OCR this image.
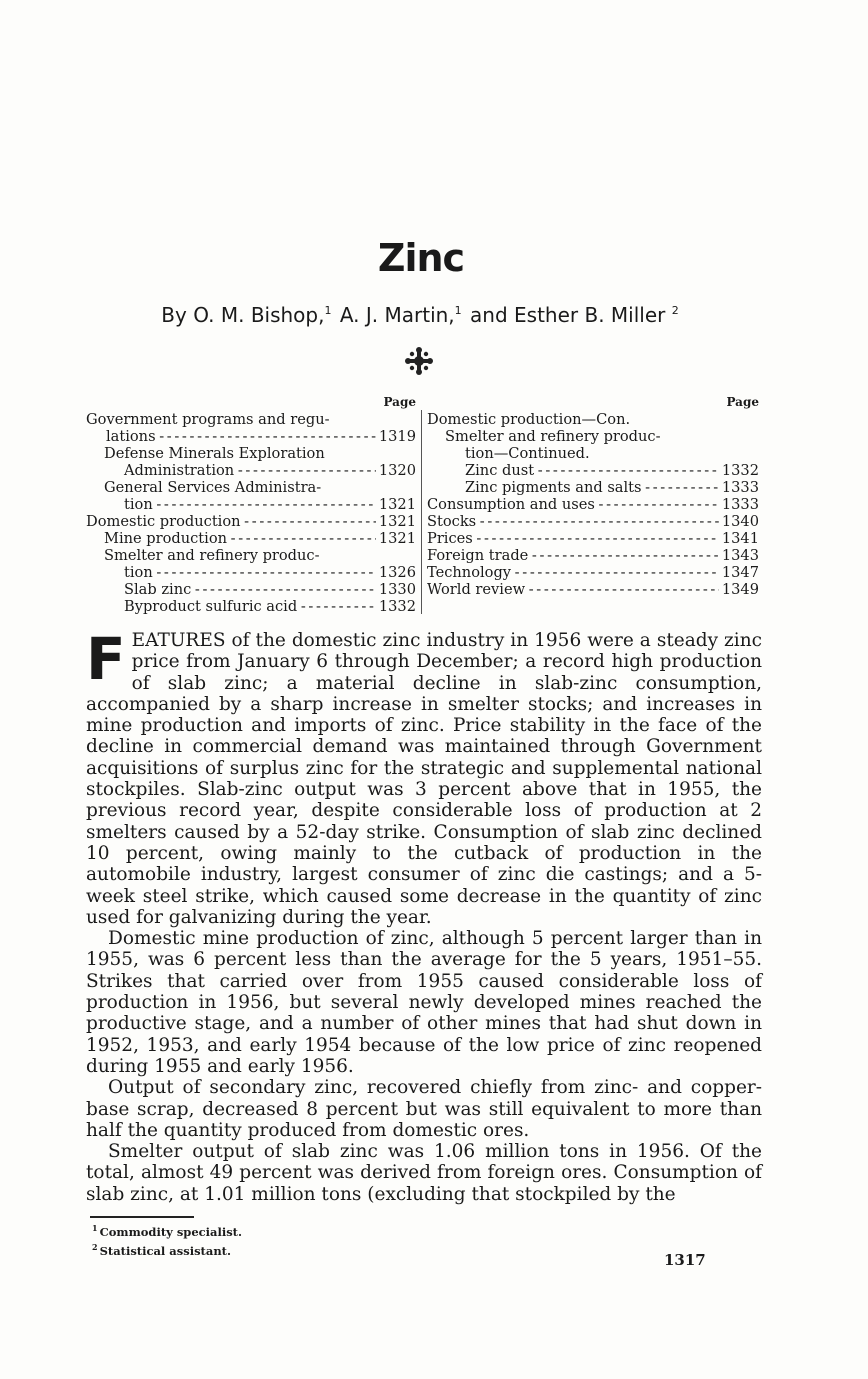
Zinc
By O. M. Bishop,$^1$ A. J. Martin,$^1$ and Esther B. Miller $^2$
Page
Government programs and regu-
lations - - -	1319
Defense Minerals Exploration
Administration - - -	1320
General Services Administra-
tion - - -	1321
Domestic production - - -	1321
Mine production - - -	1321
Smelter and refinery produc-
tion - - -	1326
Slab zinc - - -	1330
Byproduct sulfuric acid - - -	1332
Page
Domestic production—Con.
Smelter and refinery produc-
tion—Continued.
Zinc dust - - -	1332
Zinc pigments and salts - - -	1333
Consumption and uses - - -	1333
Stocks - - -	1340
Prices - - -	1341
Foreign trade - - -	1343
Technology - - -	1347
World review - - -	1349

FEATURES of the domestic zinc industry in 1956 were a steady zinc price from January 6 through December; a record high production of slab zinc; a material decline in slab-zinc consumption, accompanied by a sharp increase in smelter stocks; and increases in mine production and imports of zinc. Price stability in the face of the decline in commercial demand was maintained through Government acquisitions of surplus zinc for the strategic and supplemental national stockpiles. Slab-zinc output was 3 percent above that in 1955, the previous record year, despite considerable loss of production at 2 smelters caused by a 52-day strike. Consumption of slab zinc declined 10 percent, owing mainly to the cutback of production in the automobile industry, largest consumer of zinc die castings; and a 5-week steel strike, which caused some decrease in the quantity of zinc used for galvanizing during the year.

Domestic mine production of zinc, although 5 percent larger than in 1955, was 6 percent less than the average for the 5 years, 1951–55. Strikes that carried over from 1955 caused considerable loss of production in 1956, but several newly developed mines reached the productive stage, and a number of other mines that had shut down in 1952, 1953, and early 1954 because of the low price of zinc reopened during 1955 and early 1956.

Output of secondary zinc, recovered chiefly from zinc- and copper-base scrap, decreased 8 percent but was still equivalent to more than half the quantity produced from domestic ores.

Smelter output of slab zinc was 1.06 million tons in 1956. Of the total, almost 49 percent was derived from foreign ores. Consumption of slab zinc, at 1.01 million tons (excluding that stockpiled by the

$^1$ Commodity specialist.
$^2$ Statistical assistant.
1317
